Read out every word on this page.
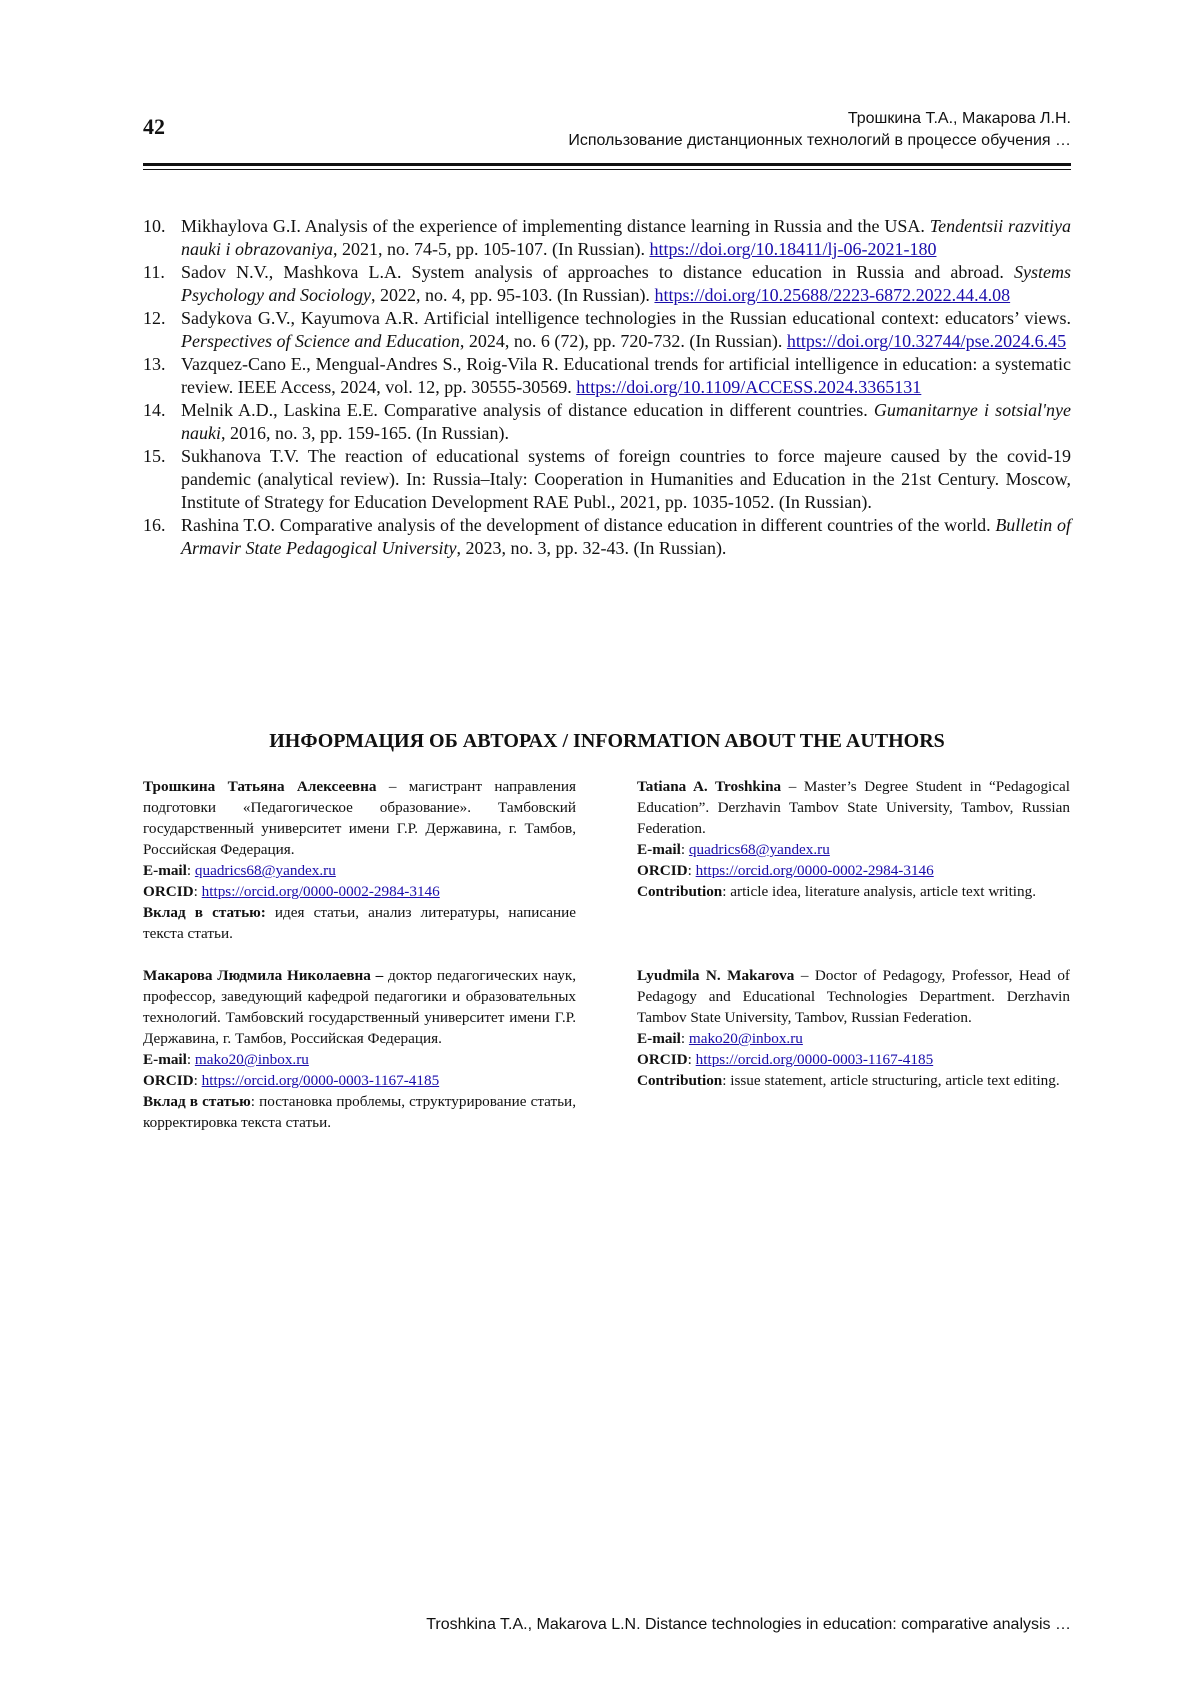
42	Трошкина Т.А., Макарова Л.Н.
Использование дистанционных технологий в процессе обучения …
10. Mikhaylova G.I. Analysis of the experience of implementing distance learning in Russia and the USA. Tendentsii razvitiya nauki i obrazovaniya, 2021, no. 74-5, pp. 105-107. (In Russian). https://doi.org/10.18411/lj-06-2021-180
11. Sadov N.V., Mashkova L.A. System analysis of approaches to distance education in Russia and abroad. Systems Psychology and Sociology, 2022, no. 4, pp. 95-103. (In Russian). https://doi.org/10.25688/2223-6872.2022.44.4.08
12. Sadykova G.V., Kayumova A.R. Artificial intelligence technologies in the Russian educational context: educators’ views. Perspectives of Science and Education, 2024, no. 6 (72), pp. 720-732. (In Russian). https://doi.org/10.32744/pse.2024.6.45
13. Vazquez-Cano E., Mengual-Andres S., Roig-Vila R. Educational trends for artificial intelligence in education: a systematic review. IEEE Access, 2024, vol. 12, pp. 30555-30569. https://doi.org/10.1109/ACCESS.2024.3365131
14. Melnik A.D., Laskina E.E. Comparative analysis of distance education in different countries. Gumanitarnye i sotsial'nye nauki, 2016, no. 3, pp. 159-165. (In Russian).
15. Sukhanova T.V. The reaction of educational systems of foreign countries to force majeure caused by the covid-19 pandemic (analytical review). In: Russia–Italy: Cooperation in Humanities and Education in the 21st Century. Moscow, Institute of Strategy for Education Development RAE Publ., 2021, pp. 1035-1052. (In Russian).
16. Rashina T.O. Comparative analysis of the development of distance education in different countries of the world. Bulletin of Armavir State Pedagogical University, 2023, no. 3, pp. 32-43. (In Russian).
ИНФОРМАЦИЯ ОБ АВТОРАХ / INFORMATION ABOUT THE AUTHORS

Трошкина Татьяна Алексеевна – магистрант направления подготовки «Педагогическое образование». Тамбовский государственный университет имени Г.Р. Державина, г. Тамбов, Российская Федерация.

E-mail: quadrics68@yandex.ru

ORCID: https://orcid.org/0000-0002-2984-3146

Вклад в статью: идея статьи, анализ литературы, написание текста статьи.

Tatiana A. Troshkina – Master’s Degree Student in “Pedagogical Education”. Derzhavin Tambov State University, Tambov, Russian Federation.

E-mail: quadrics68@yandex.ru

ORCID: https://orcid.org/0000-0002-2984-3146

Contribution: article idea, literature analysis, article text writing.

Макарова Людмила Николаевна – доктор педагогических наук, профессор, заведующий кафедрой педагогики и образовательных технологий. Тамбовский государственный университет имени Г.Р. Державина, г. Тамбов, Российская Федерация.

E-mail: mako20@inbox.ru

ORCID: https://orcid.org/0000-0003-1167-4185

Вклад в статью: постановка проблемы, структурирование статьи, корректировка текста статьи.

Lyudmila N. Makarova – Doctor of Pedagogy, Professor, Head of Pedagogy and Educational Technologies Department. Derzhavin Tambov State University, Tambov, Russian Federation.

E-mail: mako20@inbox.ru

ORCID: https://orcid.org/0000-0003-1167-4185

Contribution: issue statement, article structuring, article text editing.

Troshkina T.A., Makarova L.N. Distance technologies in education: comparative analysis …
